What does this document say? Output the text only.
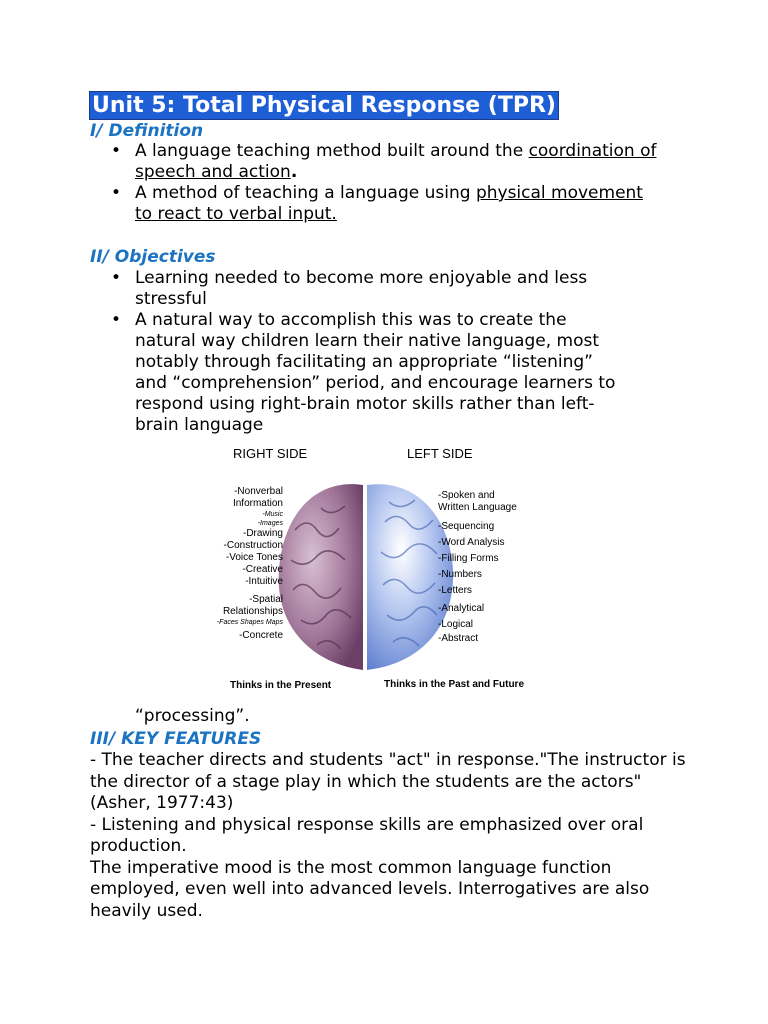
Unit 5: Total Physical Response (TPR)
I/ Definition
• A language teaching method built around the coordination of
speech and action.
• A method of teaching a language using physical movement
to react to verbal input.
II/ Objectives
• Learning needed to become more enjoyable and less stressful
• A natural way to accomplish this was to create the natural way children learn their native language, most notably through facilitating an appropriate “listening” and “comprehension” period, and encourage learners to respond using right-brain motor skills rather than left-brain language
RIGHT SIDE	LEFT SIDE
-Nonverbal
Information
-Music
-Images
-Drawing
-Construction
-Voice Tones
-Creative
-Intuitive
-Spatial
Relationships
-Faces Shapes Maps
-Concrete
-Spoken and
Written Language
-Sequencing
-Word Analysis
-Filling Forms
-Numbers
-Letters
-Analytical
-Logical
-Abstract
Thinks in the Present	Thinks in the Past and Future
“processing”.
III/ KEY FEATURES
- The teacher directs and students "act" in response."The instructor is the director of a stage play in which the students are the actors" (Asher, 1977:43)
- Listening and physical response skills are emphasized over oral production.
The imperative mood is the most common language function employed, even well into advanced levels. Interrogatives are also heavily used.
